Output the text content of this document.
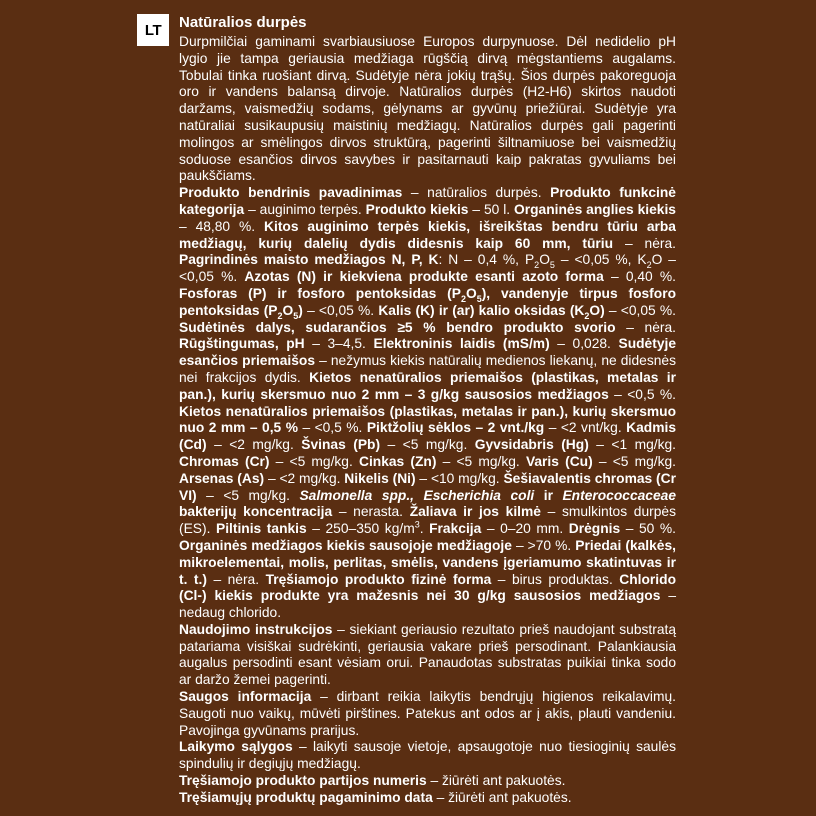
LT	Natūralios durpės

Durpmilčiai gaminami svarbiausiuose Europos durpynuose. Dėl nedidelio pH lygio jie tampa geriausia medžiaga rūgščią dirvą mėgstantiems augalams. Tobulai tinka ruošiant dirvą. Sudėtyje nėra jokių trąšų. Šios durpės pakoreguoja oro ir vandens balansą dirvoje. Natūralios durpės (H2-H6) skirtos naudoti daržams, vaismedžių sodams, gėlynams ar gyvūnų priežiūrai. Sudėtyje yra natūraliai susikaupusių maistinių medžiagų. Natūralios durpės gali pagerinti molingos ar smėlingos dirvos struktūrą, pagerinti šiltnamiuose bei vaismedžių soduose esančios dirvos savybes ir pasitarnauti kaip pakratas gyvuliams bei paukščiams.

Produkto bendrinis pavadinimas – natūralios durpės. Produkto funkcinė kategorija – auginimo terpės. Produkto kiekis – 50 l. Organinės anglies kiekis – 48,80 %. Kitos auginimo terpės kiekis, išreikštas bendru tūriu arba medžiagų, kurių dalelių dydis didesnis kaip 60 mm, tūriu – nėra. Pagrindinės maisto medžiagos N, P, K: N – 0,4 %, $P_2O_5 - <0,05$ %, $K_2O - <0,05$ %. Azotas (N) ir kiekviena produkte esanti azoto forma – 0,40 %. Fosforas (P) ir fosforo pentoksidas $(P_2O_5)$, vandenyje tirpus fosforo pentoksidas $(P_2O_5) - <0,05$ %. Kalis (K) ir (ar) kalio oksidas $(K_2O) - <0,05$ %. Sudėtinės dalys, sudarančios ≥5 % bendro produkto svorio – nėra. Rūgštingumas, pH – 3–4,5. Elektroninis laidis (mS/m) – 0,028. Sudėtyje esančios priemaišos – nežymus kiekis natūralių medienos liekanų, ne didesnės nei frakcijos dydis. Kietos nenatūralios priemaišos (plastikas, metalas ir pan.), kurių skersmuo nuo 2 mm – 3 g/kg sausosios medžiagos – <0,5 %. Kietos nenatūralios priemaišos (plastikas, metalas ir pan.), kurių skersmuo nuo 2 mm – 0,5 % – <0,5 %. Piktžolių sėklos – 2 vnt./kg – <2 vnt/kg. Kadmis (Cd) – <2 mg/kg. Švinas (Pb) – <5 mg/kg. Gyvsidabris (Hg) – <1 mg/kg. Chromas (Cr) – <5 mg/kg. Cinkas (Zn) – <5 mg/kg. Varis (Cu) – <5 mg/kg. Arsenas (As) – <2 mg/kg. Nikelis (Ni) – <10 mg/kg. Šešiavalentis chromas (Cr VI) – <5 mg/kg. Salmonella spp., Escherichia coli ir Enterococcaceae bakterijų koncentracija – nerasta. Žaliava ir jos kilmė – smulkintos durpės (ES). Piltinis tankis – 250–350 $kg/m^3$. Frakcija – 0–20 mm. Drėgnis – 50 %. Organinės medžiagos kiekis sausojoje medžiagoje – >70 %. Priedai (kalkės, mikroelementai, molis, perlitas, smėlis, vandens įgeriamumo skatintuvas ir t. t.) – nėra. Tręšiamojo produkto fizinė forma – birus produktas. Chlorido (Cl-) kiekis produkte yra mažesnis nei 30 g/kg sausosios medžiagos – nedaug chlorido.

Naudojimo instrukcijos – siekiant geriausio rezultato prieš naudojant substratą patariama visiškai sudrėkinti, geriausia vakare prieš persodinant. Palankiausia augalus persodinti esant vėsiam orui. Panaudotas substratas puikiai tinka sodo ar daržo žemei pagerinti.

Saugos informacija – dirbant reikia laikytis bendrųjų higienos reikalavimų. Saugoti nuo vaikų, mūvėti pirštines. Patekus ant odos ar į akis, plauti vandeniu. Pavojinga gyvūnams prarijus.

Laikymo sąlygos – laikyti sausoje vietoje, apsaugotoje nuo tiesioginių saulės spindulių ir degiųjų medžiagų.

Tręšiamojo produkto partijos numeris – žiūrėti ant pakuotės.

Tręšiamųjų produktų pagaminimo data – žiūrėti ant pakuotės.
